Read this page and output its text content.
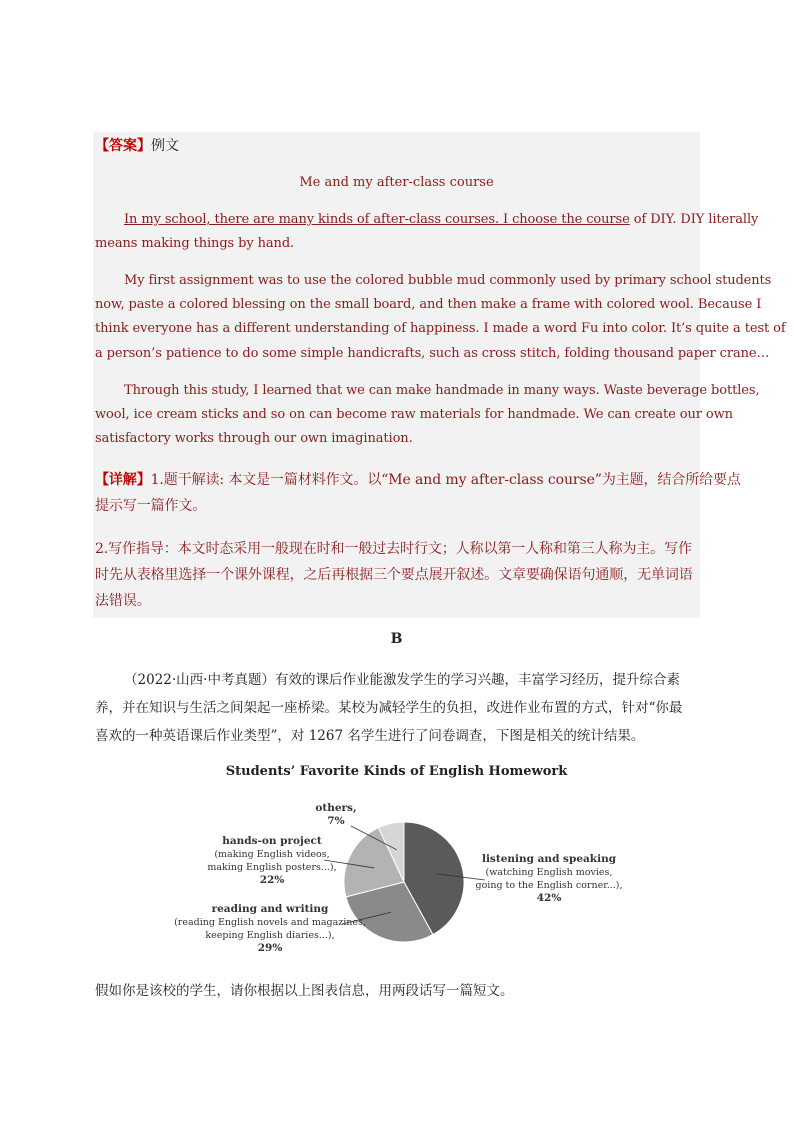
【答案】例文
Me and my after-class course
In my school, there are many kinds of after-class courses. I choose the course of DIY. DIY literally
means making things by hand.
My first assignment was to use the colored bubble mud commonly used by primary school students
now, paste a colored blessing on the small board, and then make a frame with colored wool. Because I
think everyone has a different understanding of happiness. I made a word Fu into color. It’s quite a test of
a person’s patience to do some simple handicrafts, such as cross stitch, folding thousand paper crane…
Through this study, I learned that we can make handmade in many ways. Waste beverage bottles,
wool, ice cream sticks and so on can become raw materials for handmade. We can create our own
satisfactory works through our own imagination.
【详解】1.题干解读: 本文是一篇材料作文。以“Me and my after-class course”为主题，结合所给要点
提示写一篇作文。
2.写作指导：本文时态采用一般现在时和一般过去时行文；人称以第一人称和第三人称为主。写作
时先从表格里选择一个课外课程，之后再根据三个要点展开叙述。文章要确保语句通顺，无单词语
法错误。
B
（2022·山西·中考真题）有效的课后作业能激发学生的学习兴趣，丰富学习经历，提升综合素
养，并在知识与生活之间架起一座桥梁。某校为减轻学生的负担，改进作业布置的方式，针对“你最
喜欢的一种英语课后作业类型”，对 1267 名学生进行了问卷调查，下图是相关的统计结果。
Students’ Favorite Kinds of English Homework
listening and speaking
(watching English movies,
going to the English corner...),
42%
reading and writing
(reading English novels and magazines,
keeping English diaries...),
29%
hands-on project
(making English videos,
making English posters...),
22%
others,
7%
假如你是该校的学生，请你根据以上图表信息，用两段话写一篇短文。
